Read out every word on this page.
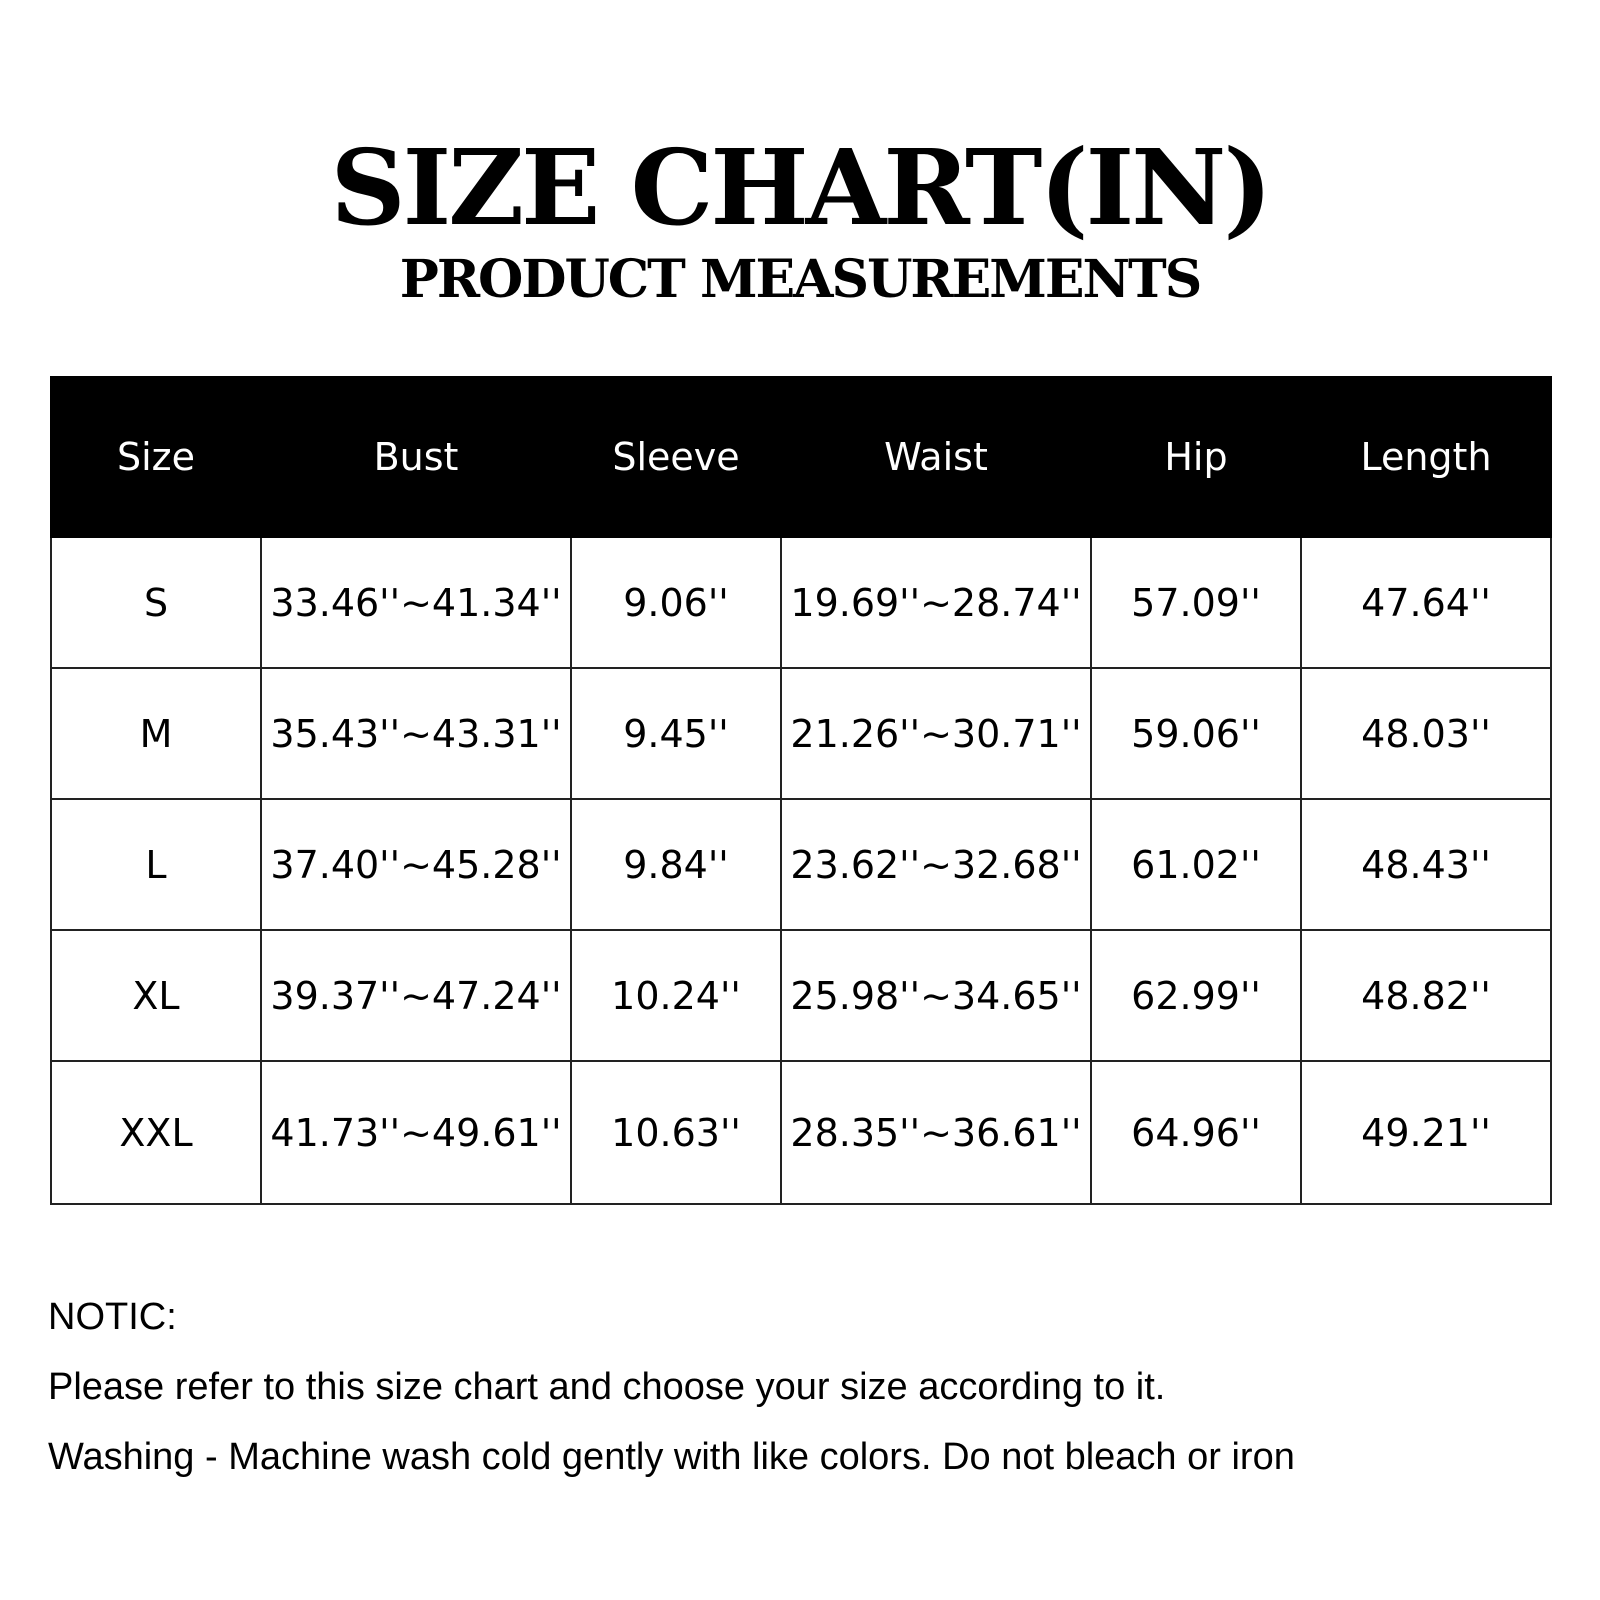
SIZE CHART(IN)
PRODUCT MEASUREMENTS
Size	Bust	Sleeve	Waist	Hip	Length
S	33.46''~41.34''	9.06''	19.69''~28.74''	57.09''	47.64''
M	35.43''~43.31''	9.45''	21.26''~30.71''	59.06''	48.03''
L	37.40''~45.28''	9.84''	23.62''~32.68''	61.02''	48.43''
XL	39.37''~47.24''	10.24''	25.98''~34.65''	62.99''	48.82''
XXL	41.73''~49.61''	10.63''	28.35''~36.61''	64.96''	49.21''
NOTIC:
Please refer to this size chart and choose your size according to it.
Washing - Machine wash cold gently with like colors. Do not bleach or iron
